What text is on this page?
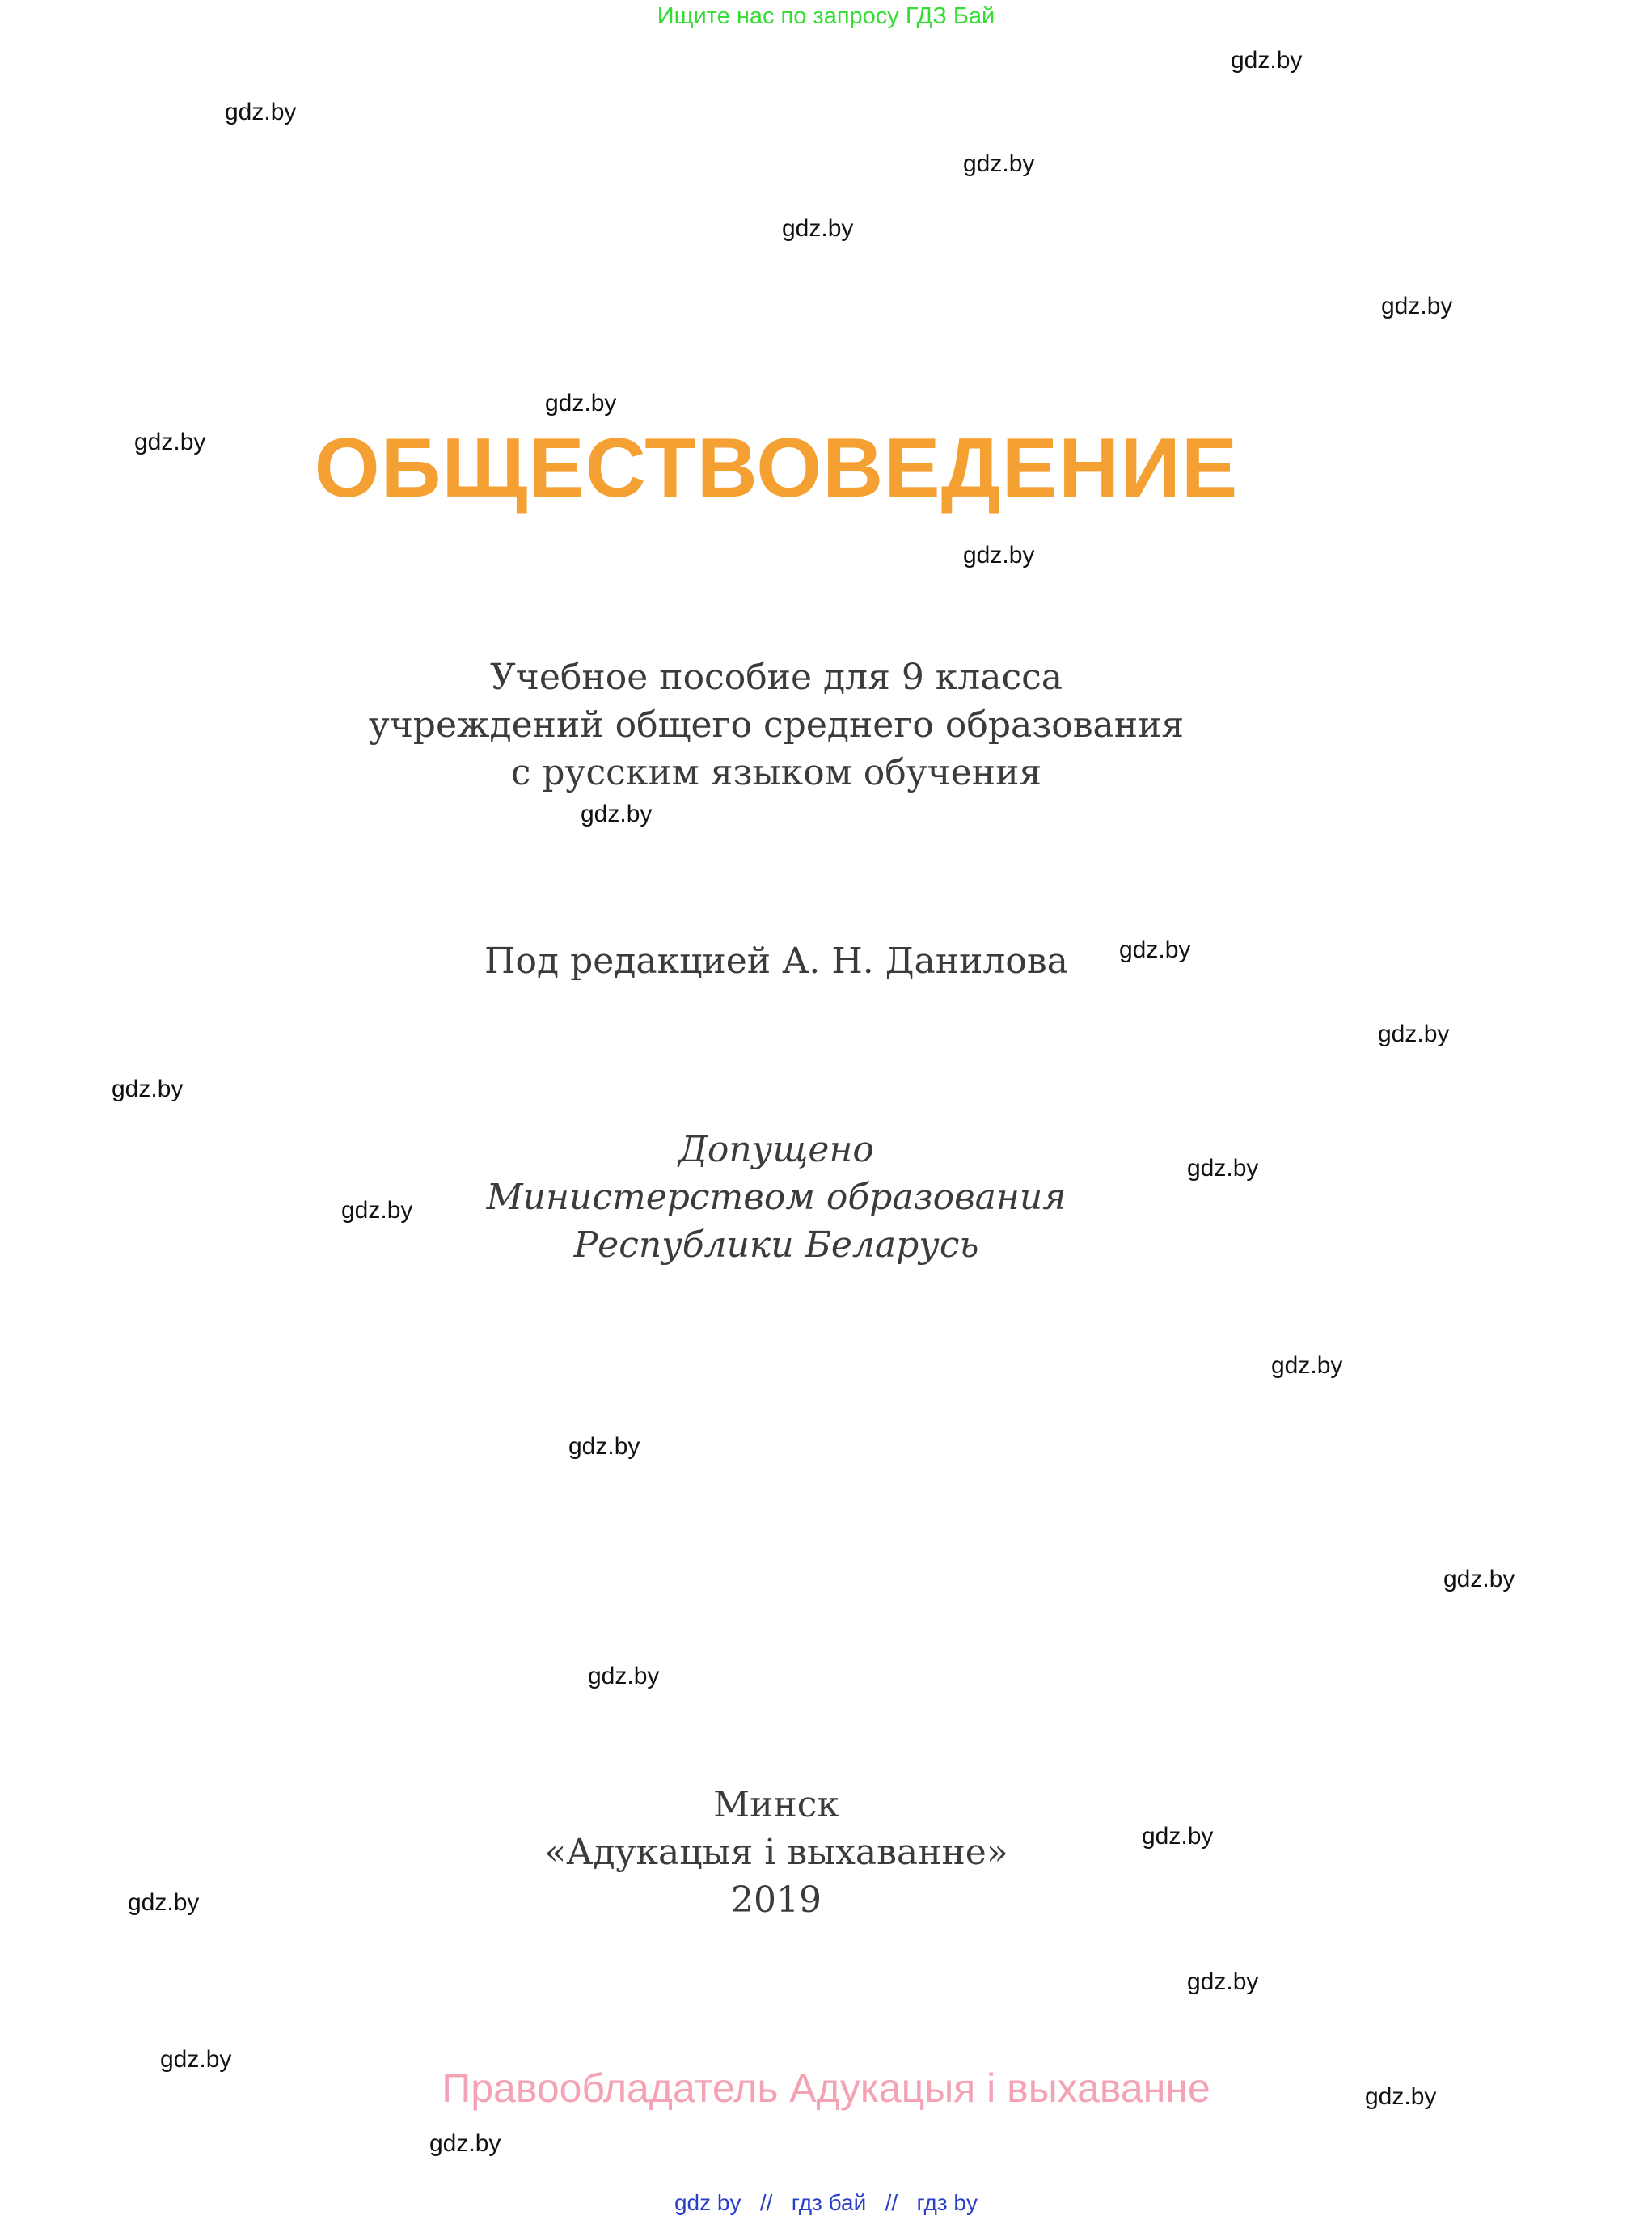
Ищите нас по запросу ГДЗ Бай
gdz.by
gdz.by
gdz.by
gdz.by
gdz.by
gdz.by
gdz.by
gdz.by
gdz.by
gdz.by
gdz.by
gdz.by
gdz.by
gdz.by
gdz.by
gdz.by
gdz.by
gdz.by
gdz.by
gdz.by
gdz.by
gdz.by
gdz.by
gdz.by
ОБЩЕСТВОВЕДЕНИЕ
Учебное пособие для 9 класса
учреждений общего среднего образования
с русским языком обучения
Под редакцией А. Н. Данилова
Допущено
Министерством образования
Республики Беларусь
Минск
«Адукацыя і выхаванне»
2019
Правообладатель Адукацыя і выхаванне
gdz by // гдз бай // гдз by
